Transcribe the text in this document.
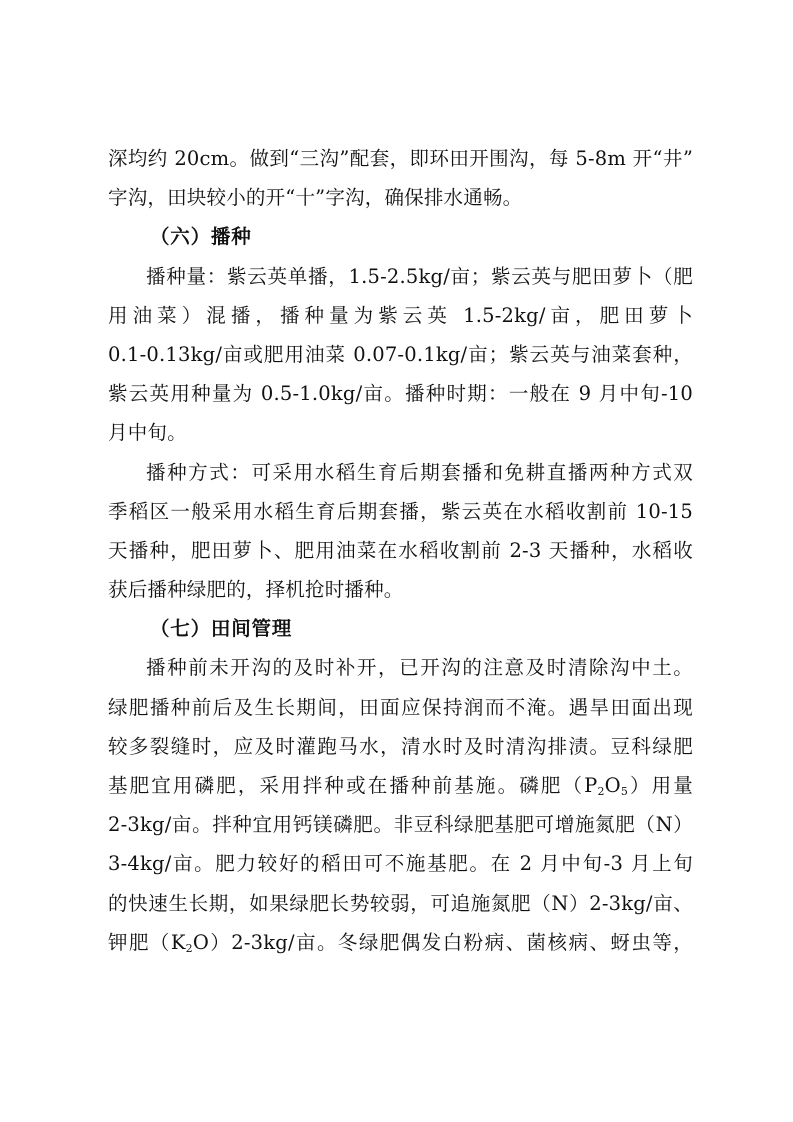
深均约 20cm。做到“三沟”配套，即环田开围沟，每 5-8m 开“井”
字沟，田块较小的开“十”字沟，确保排水通畅。
（六）播种
播种量：紫云英单播，1.5-2.5kg/亩；紫云英与肥田萝卜（肥
用油菜）混播，播种量为紫云英 1.5-2kg/亩，肥田萝卜
0.1-0.13kg/亩或肥用油菜 0.07-0.1kg/亩；紫云英与油菜套种，
紫云英用种量为 0.5-1.0kg/亩。播种时期：一般在 9 月中旬-10
月中旬。
播种方式：可采用水稻生育后期套播和免耕直播两种方式双
季稻区一般采用水稻生育后期套播，紫云英在水稻收割前 10-15
天播种，肥田萝卜、肥用油菜在水稻收割前 2-3 天播种，水稻收
获后播种绿肥的，择机抢时播种。
（七）田间管理
播种前未开沟的及时补开，已开沟的注意及时清除沟中土。
绿肥播种前后及生长期间，田面应保持润而不淹。遇旱田面出现
较多裂缝时，应及时灌跑马水，清水时及时清沟排渍。豆科绿肥
基肥宜用磷肥，采用拌种或在播种前基施。磷肥$(P_2O_5)$用量
2-3kg/亩。拌种宜用钙镁磷肥。非豆科绿肥基肥可增施氮肥（N）
3-4kg/亩。肥力较好的稻田可不施基肥。在 2 月中旬-3 月上旬
的快速生长期，如果绿肥长势较弱，可追施氮肥（N）2-3kg/亩、
钾肥$(K_2O)2-3kg/$亩。冬绿肥偶发白粉病、菌核病、蚜虫等，
